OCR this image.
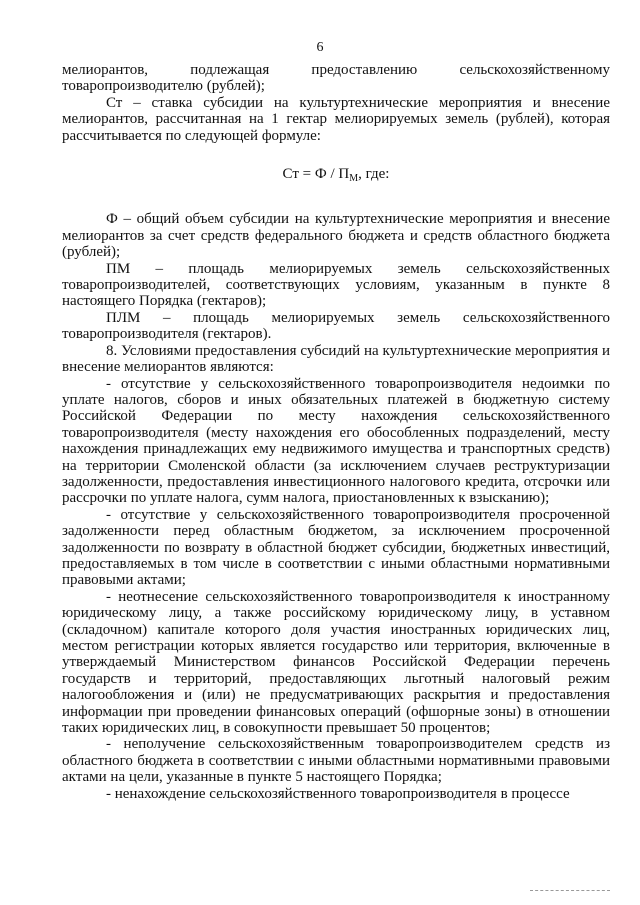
6

мелиорантов, подлежащая предоставлению сельскохозяйственному товаропроизводителю (рублей);

Ст – ставка субсидии на культуртехнические мероприятия и внесение мелиорантов, рассчитанная на 1 гектар мелиорируемых земель (рублей), которая рассчитывается по следующей формуле:

Ст = Ф / $П_М$, где:

Ф – общий объем субсидии на культуртехнические мероприятия и внесение мелиорантов за счет средств федерального бюджета и средств областного бюджета (рублей);

ПМ – площадь мелиорируемых земель сельскохозяйственных товаропроизводителей, соответствующих условиям, указанным в пункте 8 настоящего Порядка (гектаров);

ПЛМ – площадь мелиорируемых земель сельскохозяйственного товаропроизводителя (гектаров).

8. Условиями предоставления субсидий на культуртехнические мероприятия и внесение мелиорантов являются:

- отсутствие у сельскохозяйственного товаропроизводителя недоимки по уплате налогов, сборов и иных обязательных платежей в бюджетную систему Российской Федерации по месту нахождения сельскохозяйственного товаропроизводителя (месту нахождения его обособленных подразделений, месту нахождения принадлежащих ему недвижимого имущества и транспортных средств) на территории Смоленской области (за исключением случаев реструктуризации задолженности, предоставления инвестиционного налогового кредита, отсрочки или рассрочки по уплате налога, сумм налога, приостановленных к взысканию);

- отсутствие у сельскохозяйственного товаропроизводителя просроченной задолженности перед областным бюджетом, за исключением просроченной задолженности по возврату в областной бюджет субсидии, бюджетных инвестиций, предоставляемых в том числе в соответствии с иными областными нормативными правовыми актами;

- неотнесение сельскохозяйственного товаропроизводителя к иностранному юридическому лицу, а также российскому юридическому лицу, в уставном (складочном) капитале которого доля участия иностранных юридических лиц, местом регистрации которых является государство или территория, включенные в утверждаемый Министерством финансов Российской Федерации перечень государств и территорий, предоставляющих льготный налоговый режим налогообложения и (или) не предусматривающих раскрытия и предоставления информации при проведении финансовых операций (офшорные зоны) в отношении таких юридических лиц, в совокупности превышает 50 процентов;

- неполучение сельскохозяйственным товаропроизводителем средств из областного бюджета в соответствии с иными областными нормативными правовыми актами на цели, указанные в пункте 5 настоящего Порядка;

- ненахождение сельскохозяйственного товаропроизводителя в процессе
